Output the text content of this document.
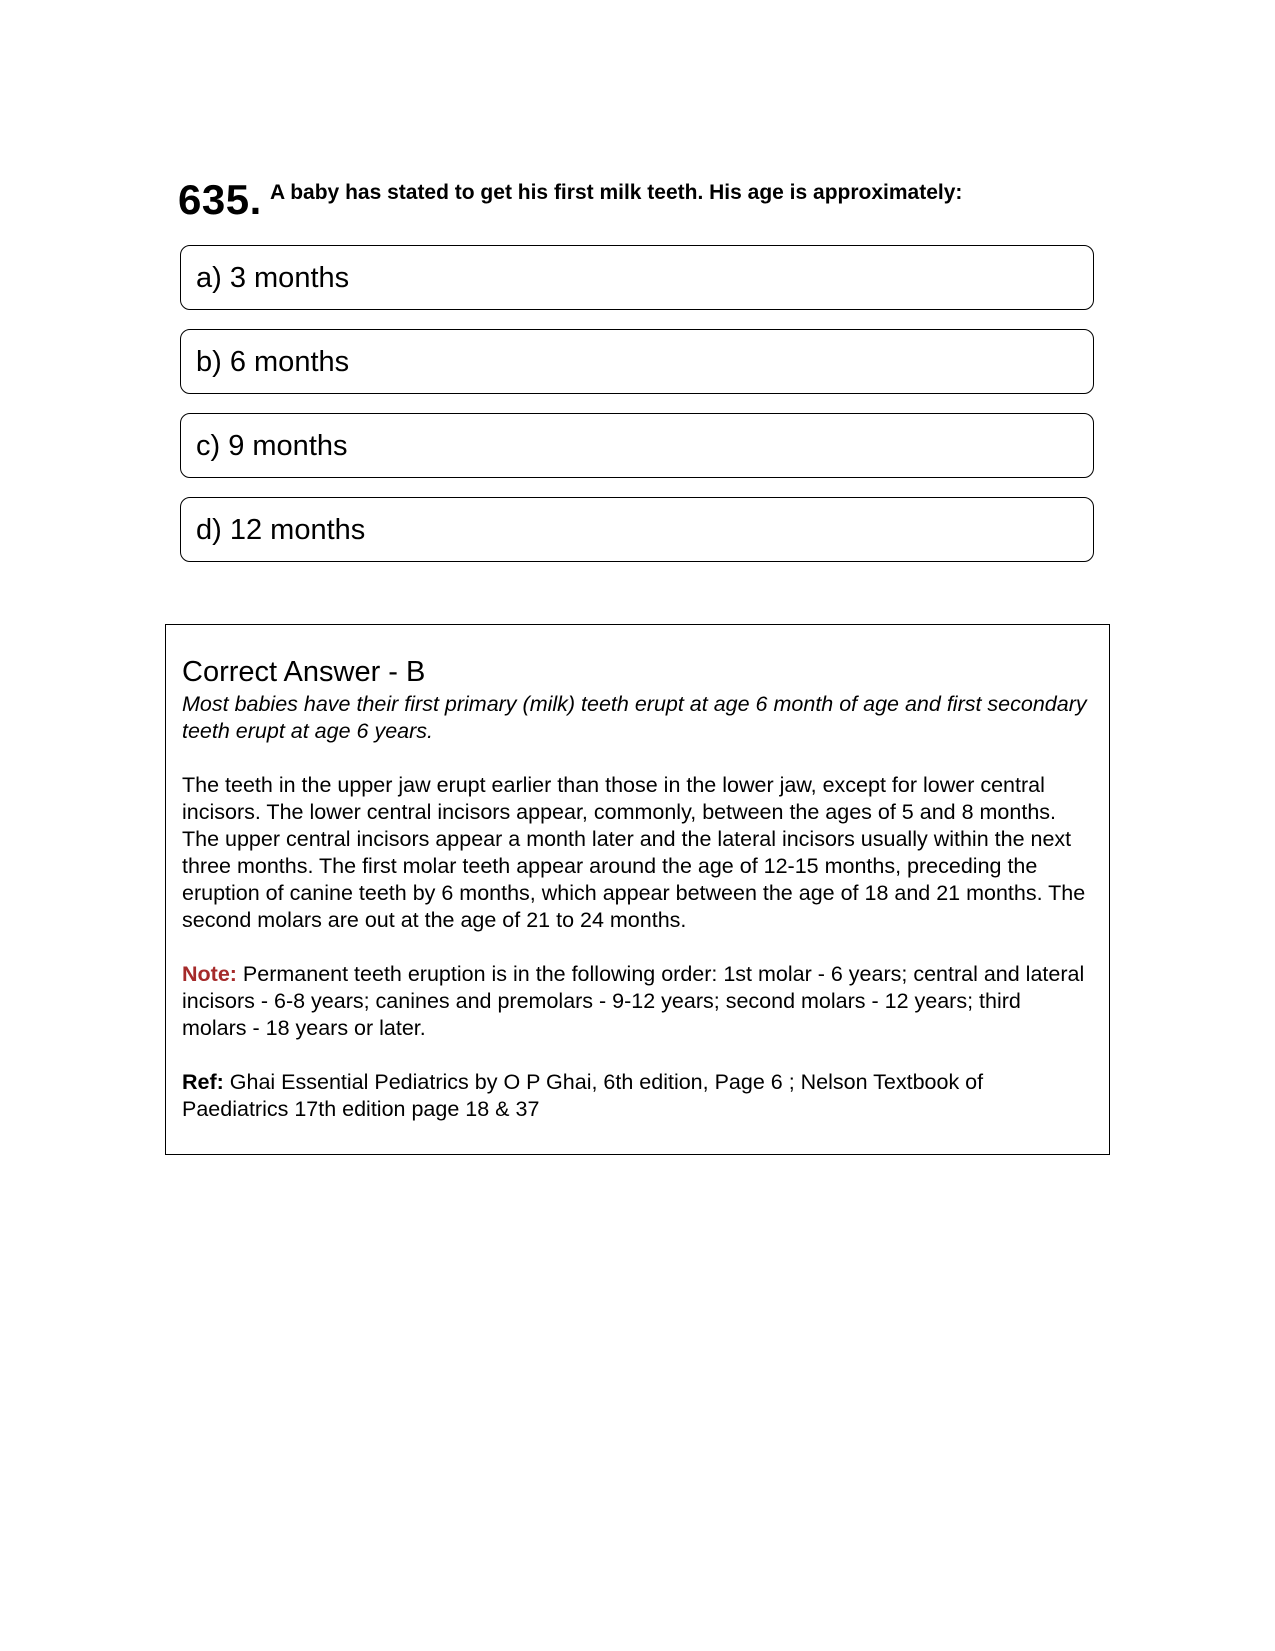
635. A baby has stated to get his first milk teeth. His age is approximately:
a) 3 months
b) 6 months
c) 9 months
d) 12 months

Correct Answer - B

Most babies have their first primary (milk) teeth erupt at age 6 month of age and first secondary teeth erupt at age 6 years.

The teeth in the upper jaw erupt earlier than those in the lower jaw, except for lower central incisors. The lower central incisors appear, commonly, between the ages of 5 and 8 months. The upper central incisors appear a month later and the lateral incisors usually within the next three months. The first molar teeth appear around the age of 12-15 months, preceding the eruption of canine teeth by 6 months, which appear between the age of 18 and 21 months. The second molars are out at the age of 21 to 24 months.

Note: Permanent teeth eruption is in the following order: 1st molar - 6 years; central and lateral incisors - 6-8 years; canines and premolars - 9-12 years; second molars - 12 years; third molars - 18 years or later.

Ref: Ghai Essential Pediatrics by O P Ghai, 6th edition, Page 6 ; Nelson Textbook of Paediatrics 17th edition page 18 & 37
